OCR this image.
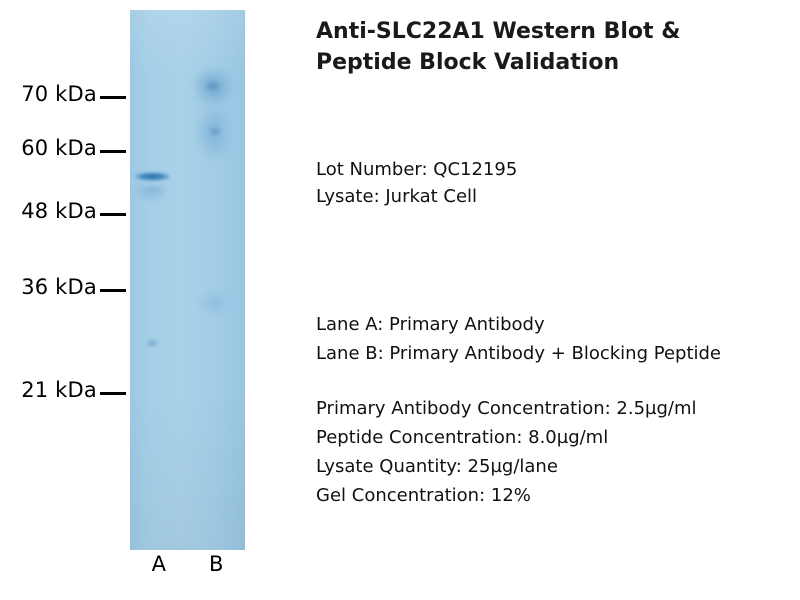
70 kDa
60 kDa
48 kDa
36 kDa
21 kDa
A	B
Anti-SLC22A1 Western Blot &
Peptide Block Validation
Lot Number: QC12195
Lysate: Jurkat Cell
Lane A: Primary Antibody
Lane B: Primary Antibody + Blocking Peptide
Primary Antibody Concentration: 2.5µg/ml
Peptide Concentration: 8.0µg/ml
Lysate Quantity: 25µg/lane
Gel Concentration: 12%
